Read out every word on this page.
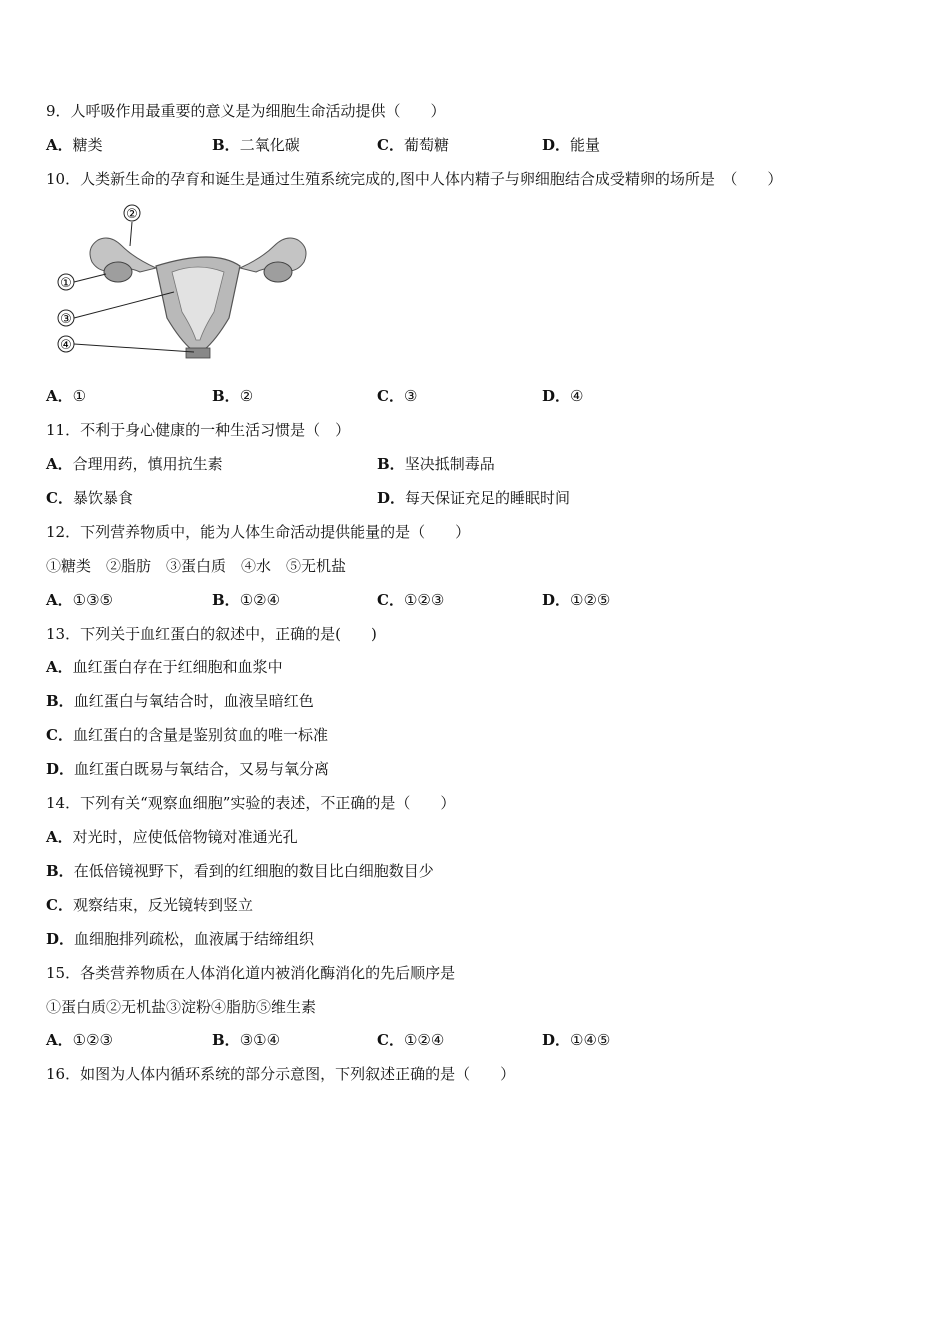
9．人呼吸作用最重要的意义是为细胞生命活动提供（　　）
A．糖类	B．二氧化碳	C．葡萄糖	D．能量
10．人类新生命的孕育和诞生是通过生殖系统完成的,图中人体内精子与卵细胞结合成受精卵的场所是　（　　）
②
①
③
④
A．①	B．②	C．③	D．④
11．不利于身心健康的一种生活习惯是（　）
A．合理用药，慎用抗生素	B．坚决抵制毒品
C．暴饮暴食	D．每天保证充足的睡眠时间
12．下列营养物质中，能为人体生命活动提供能量的是（　　）
①糖类　②脂肪　③蛋白质　④水　⑤无机盐
A．①③⑤	B．①②④	C．①②③	D．①②⑤
13．下列关于血红蛋白的叙述中，正确的是(　　)
A．血红蛋白存在于红细胞和血浆中
B．血红蛋白与氧结合时，血液呈暗红色
C．血红蛋白的含量是鉴别贫血的唯一标准
D．血红蛋白既易与氧结合，又易与氧分离
14．下列有关“观察血细胞”实验的表述，不正确的是（　　）
A．对光时，应使低倍物镜对准通光孔
B．在低倍镜视野下，看到的红细胞的数目比白细胞数目少
C．观察结束，反光镜转到竖立
D．血细胞排列疏松，血液属于结缔组织
15．各类营养物质在人体消化道内被消化酶消化的先后顺序是
①蛋白质②无机盐③淀粉④脂肪⑤维生素
A．①②③	B．③①④	C．①②④	D．①④⑤
16．如图为人体内循环系统的部分示意图，下列叙述正确的是（　　）
